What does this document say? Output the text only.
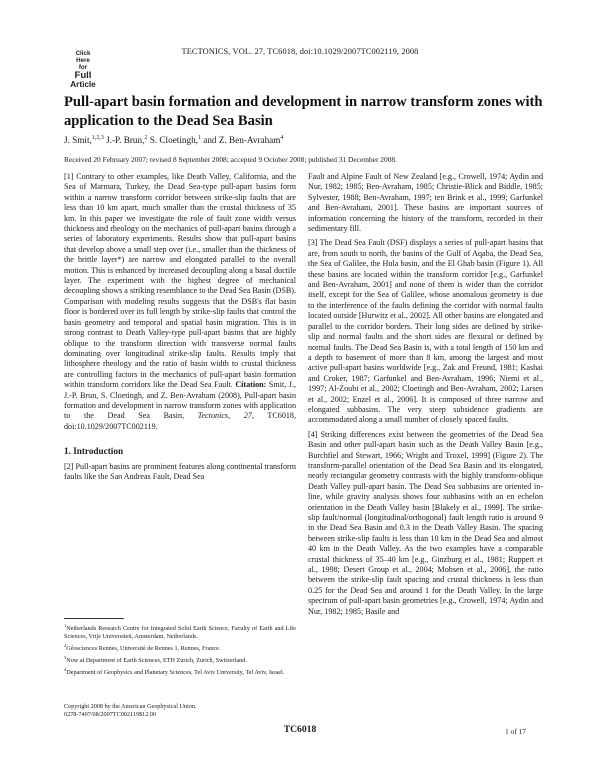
TECTONICS, VOL. 27, TC6018, doi:10.1029/2007TC002119, 2008
Click
Here
for
Full
Article
Pull-apart basin formation and development in narrow transform zones with application to the Dead Sea Basin
J. Smit,$^{1,2,3}$ J.-P. Brun,$^2$ S. Cloetingh,$^1$ and Z. Ben-Avraham$^4$
Received 20 February 2007; revised 8 September 2008; accepted 9 October 2008; published 31 December 2008.

[1] Contrary to other examples, like Death Valley, California, and the Sea of Marmara, Turkey, the Dead Sea-type pull-apart basins form within a narrow transform corridor between strike-slip faults that are less than 10 km apart, much smaller than the crustal thickness of 35 km. In this paper we investigate the role of fault zone width versus thickness and rheology on the mechanics of pull-apart basins through a series of laboratory experiments. Results show that pull-apart basins that develop above a small step over (i.e., smaller than the thickness of the brittle layer*) are narrow and elongated parallel to the overall motion. This is enhanced by increased decoupling along a basal ductile layer. The experiment with the highest degree of mechanical decoupling shows a striking resemblance to the Dead Sea Basin (DSB). Comparison with modeling results suggests that the DSB's flat basin floor is bordered over its full length by strike-slip faults that control the basin geometry and temporal and spatial basin migration. This is in strong contrast to Death Valley-type pull-apart basins that are highly oblique to the transform direction with transverse normal faults dominating over longitudinal strike-slip faults. Results imply that lithosphere rheology and the ratio of basin width to crustal thickness are controlling factors in the mechanics of pull-apart basin formation within transform corridors like the Dead Sea Fault. Citation: Smit, J., J.-P. Brun, S. Cloetingh, and Z. Ben-Avraham (2008), Pull-apart basin formation and development in narrow transform zones with application to the Dead Sea Basin, Tectonics, 27, TC6018, doi:10.1029/2007TC002119.

1. Introduction

[2] Pull-apart basins are prominent features along continental transform faults like the San Andreas Fault, Dead Sea

Fault and Alpine Fault of New Zealand [e.g., Crowell, 1974; Aydin and Nur, 1982; 1985; Ben-Avraham, 1985; Christie-Blick and Biddle, 1985; Sylvester, 1988; Ben-Avraham, 1997; ten Brink et al., 1999; Garfunkel and Ben-Avraham, 2001]. These basins are important sources of information concerning the history of the transform, recorded in their sedimentary fill.

[3] The Dead Sea Fault (DSF) displays a series of pull-apart basins that are, from south to north, the basins of the Gulf of Aqaba, the Dead Sea, the Sea of Galilee, the Hula basin, and the El Ghab basin (Figure 1). All these basins are located within the transform corridor [e.g., Garfunkel and Ben-Avraham, 2001] and none of them is wider than the corridor itself, except for the Sea of Galilee, whose anomalous geometry is due to the interference of the faults defining the corridor with normal faults located outside [Hurwitz et al., 2002]. All other basins are elongated and parallel to the corridor borders. Their long sides are defined by strike-slip and normal faults and the short sides are flexural or defined by normal faults. The Dead Sea Basin is, with a total length of 150 km and a depth to basement of more than 8 km, among the largest and most active pull-apart basins worldwide [e.g., Zak and Freund, 1981; Kashai and Croker, 1987; Garfunkel and Ben-Avraham, 1996; Niemi et al., 1997; Al-Zoubi et al., 2002; Cloetingh and Ben-Avraham, 2002; Larsen et al., 2002; Enzel et al., 2006]. It is composed of three narrow and elongated subbasins. The very steep subsidence gradients are accommodated along a small number of closely spaced faults.

[4] Striking differences exist between the geometries of the Dead Sea Basin and other pull-apart basin such as the Death Valley Basin [e.g., Burchfiel and Stewart, 1966; Wright and Troxel, 1999] (Figure 2). The transform-parallel orientation of the Dead Sea Basin and its elongated, nearly rectangular geometry contrasts with the highly transform-oblique Death Valley pull-apart basin. The Dead Sea subbasins are oriented in-line, while gravity analysis shows four subbasins with an en echelon orientation in the Death Valley basin [Blakely et al., 1999]. The strike-slip fault/normal (longitudinal/orthogonal) fault length ratio is around 9 in the Dead Sea Basin and 0.3 in the Death Valley Basin. The spacing between strike-slip faults is less than 10 km in the Dead Sea and almost 40 km in the Death Valley. As the two examples have a comparable crustal thickness of 35–40 km [e.g., Ginzburg et al., 1981; Ruppert et al., 1998; Desert Group et al., 2004; Mohsen et al., 2006], the ratio between the strike-slip fault spacing and crustal thickness is less than 0.25 for the Dead Sea and around 1 for the Death Valley. In the large spectrum of pull-apart basin geometries [e.g., Crowell, 1974; Aydin and Nur, 1982; 1985; Basile and

$^1$Netherlands Research Centre for Integrated Solid Earth Science, Faculty of Earth and Life Sciences, Vrije Universiteit, Amsterdam, Netherlands.

$^2$Géosciences Rennes, Université de Rennes 1, Rennes, France.

$^3$Now at Department of Earth Sciences, ETH Zurich, Zurich, Switzerland.

$^4$Department of Geophysics and Planetary Sciences, Tel Aviv University, Tel Aviv, Israel.

Copyright 2008 by the American Geophysical Union.
0278-7407/08/2007TC002119$12.00
TC6018	1 of 17
